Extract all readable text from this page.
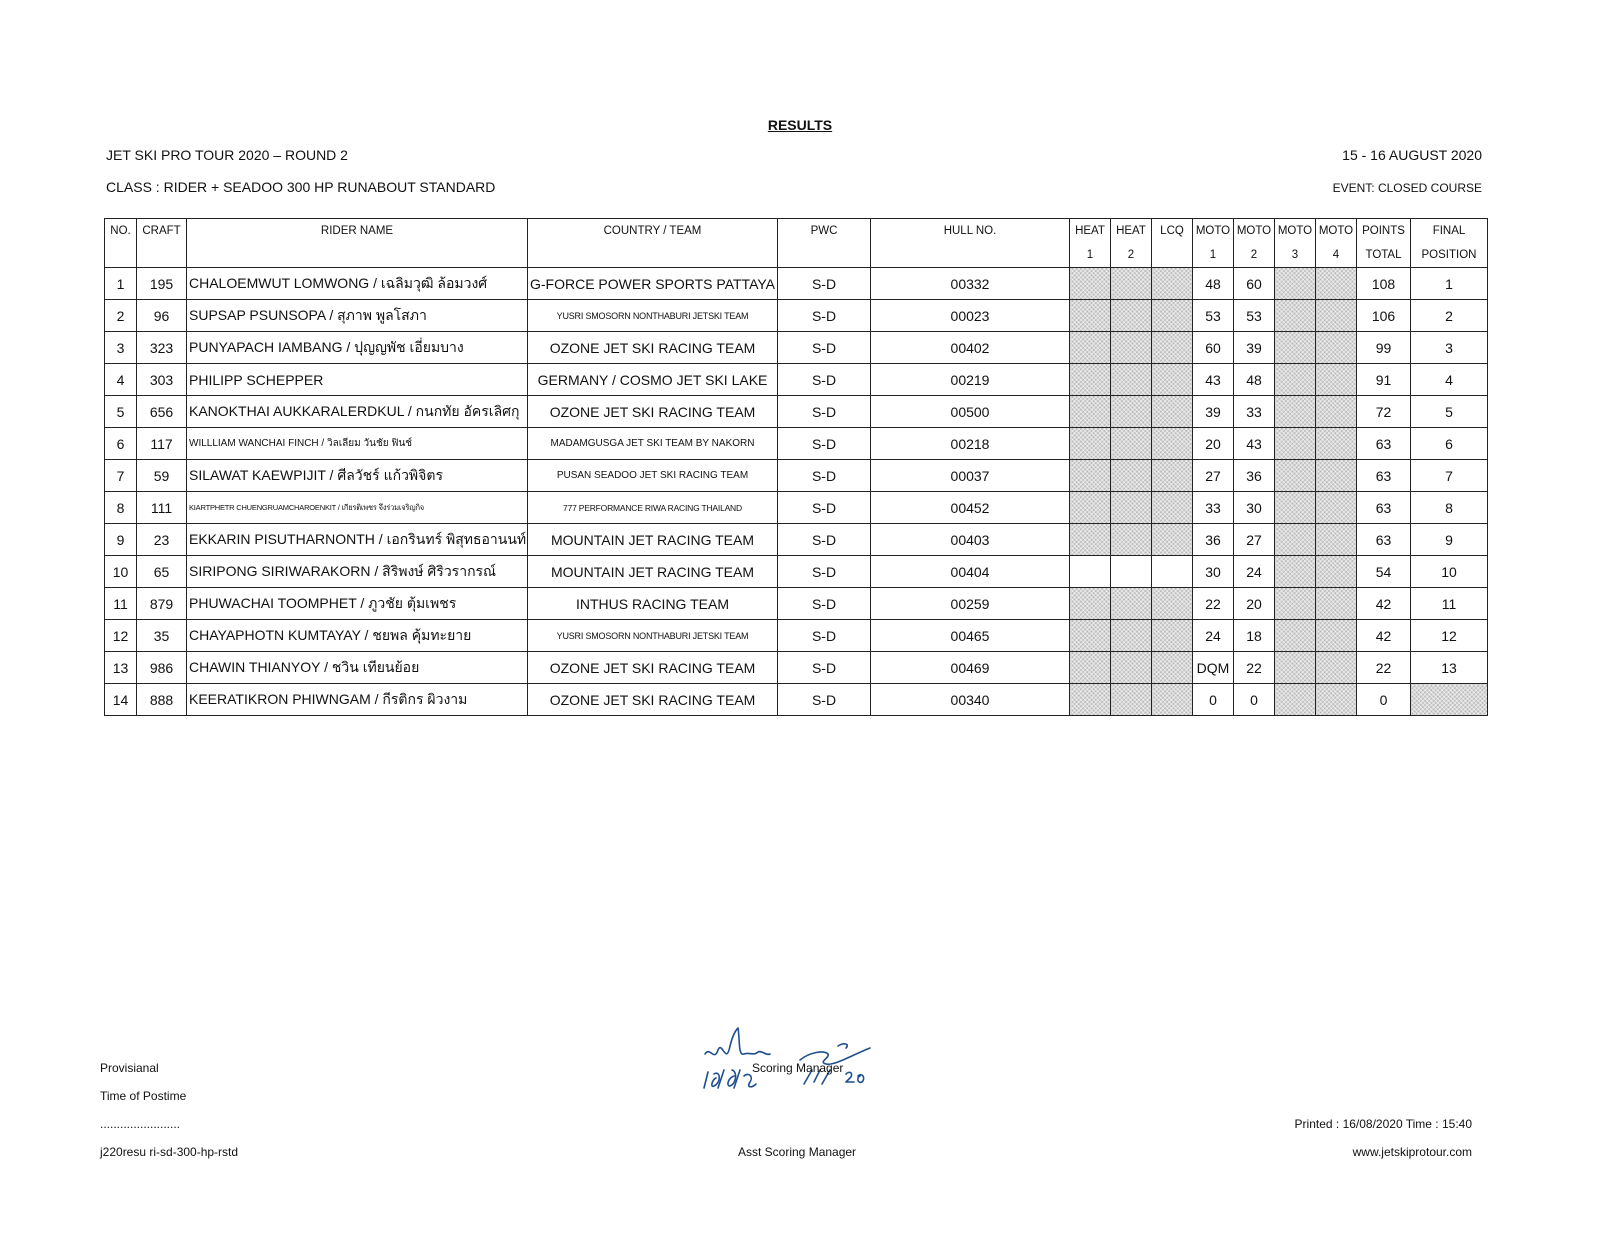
RESULTS
JET SKI PRO TOUR 2020 – ROUND 2	15 - 16 AUGUST 2020
CLASS : RIDER + SEADOO 300 HP RUNABOUT STANDARD	EVENT: CLOSED COURSE
NO.	CRAFT	RIDER NAME	COUNTRY / TEAM	PWC	HULL NO.	HEAT	HEAT	LCQ	MOTO	MOTO	MOTO	MOTO	POINTS	FINAL
						1	2		1	2	3	4	TOTAL	POSITION
1	195	CHALOEMWUT LOMWONG / เฉลิมวุฒิ ล้อมวงศ์	G-FORCE POWER SPORTS PATTAYA	S-D	00332				48	60			108	1
2	96	SUPSAP PSUNSOPA / สุภาพ พูลโสภา	YUSRI SMOSORN NONTHABURI JETSKI TEAM	S-D	00023				53	53			106	2
3	323	PUNYAPACH IAMBANG / ปุญญพัช เอี่ยมบาง	OZONE JET SKI RACING TEAM	S-D	00402				60	39			99	3
4	303	PHILIPP SCHEPPER	GERMANY / COSMO JET SKI LAKE	S-D	00219				43	48			91	4
5	656	KANOKTHAI AUKKARALERDKUL / กนกทัย อัครเลิศกุ	OZONE JET SKI RACING TEAM	S-D	00500				39	33			72	5
6	117	WILLLIAM WANCHAI FINCH / วิลเลียม วันชัย ฟินช์	MADAMGUSGA JET SKI TEAM BY NAKORN	S-D	00218				20	43			63	6
7	59	SILAWAT KAEWPIJIT / ศีลวัชร์ แก้วพิจิตร	PUSAN SEADOO JET SKI RACING TEAM	S-D	00037				27	36			63	7
8	111	KIARTPHETR CHUENGRUAMCHAROENKIT / เกียรติเพชร จึงร่วมเจริญกิจ	777 PERFORMANCE RIWA RACING THAILAND	S-D	00452				33	30			63	8
9	23	EKKARIN PISUTHARNONTH / เอกรินทร์ พิสุทธอานนท์	MOUNTAIN JET RACING TEAM	S-D	00403				36	27			63	9
10	65	SIRIPONG SIRIWARAKORN / สิริพงษ์ ศิริวรากรณ์	MOUNTAIN JET RACING TEAM	S-D	00404				30	24			54	10
11	879	PHUWACHAI TOOMPHET / ภูวชัย ตุ้มเพชร	INTHUS RACING TEAM	S-D	00259				22	20			42	11
12	35	CHAYAPHOTN KUMTAYAY / ชยพล คุ้มทะยาย	YUSRI SMOSORN NONTHABURI JETSKI TEAM	S-D	00465				24	18			42	12
13	986	CHAWIN THIANYOY / ชวิน เทียนย้อย	OZONE JET SKI RACING TEAM	S-D	00469				DQM	22			22	13
14	888	KEERATIKRON PHIWNGAM / กีรติกร ผิวงาม	OZONE JET SKI RACING TEAM	S-D	00340				0	0			0	
Provisianal	Scoring Manager
Time of Postime
........................	Printed : 16/08/2020 Time : 15:40
j220resu ri-sd-300-hp-rstd	Asst Scoring Manager	www.jetskiprotour.com
